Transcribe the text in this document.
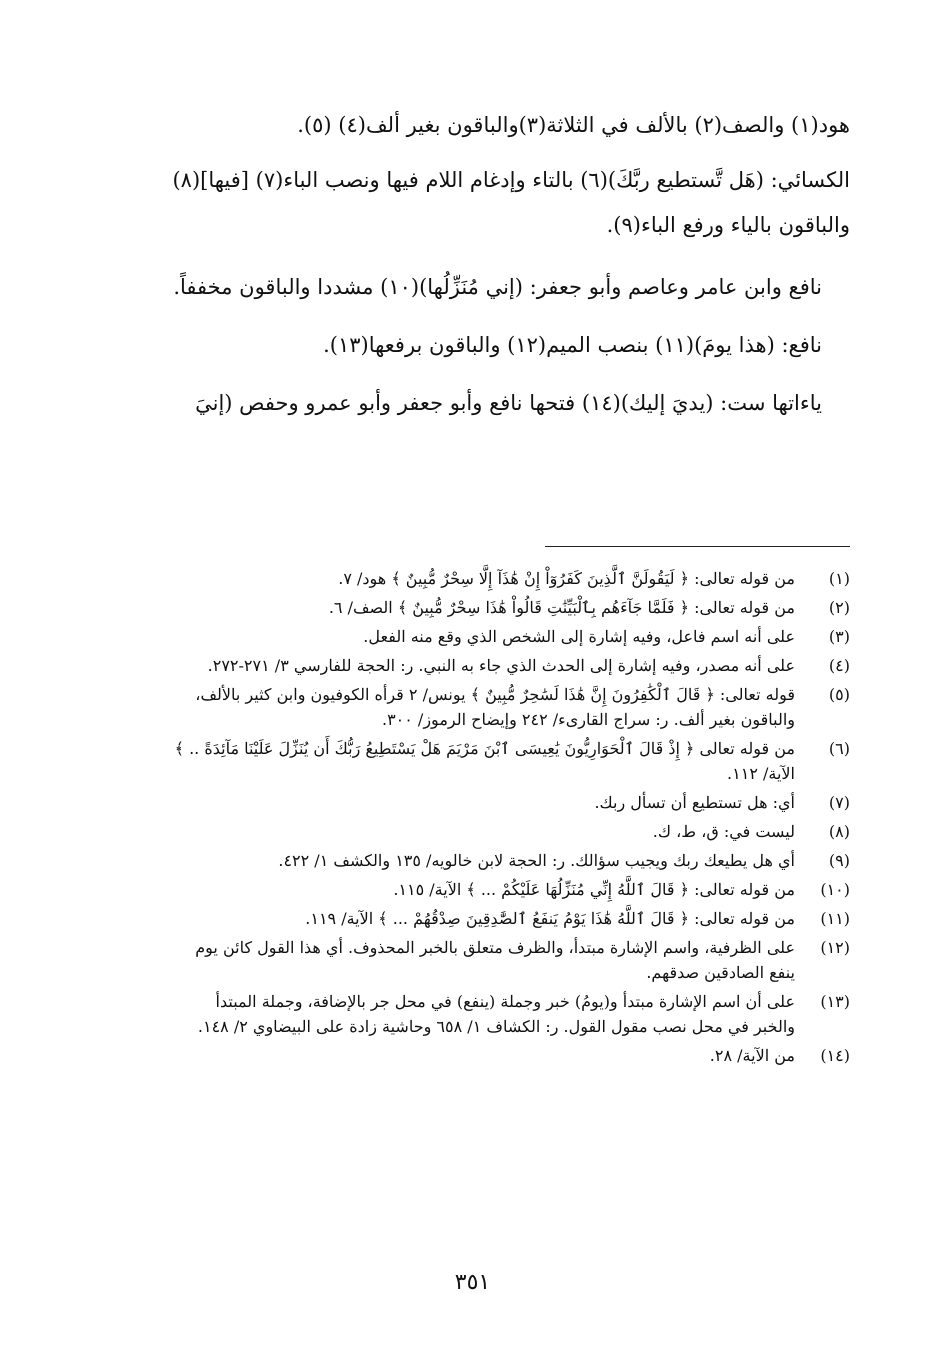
هود(١) والصف(٢) بالألف في الثلاثة(٣)والباقون بغير ألف(٤) (٥).

الكسائي: (هَل تَّستطيع ربَّكَ)(٦) بالتاء وإدغام اللام فيها ونصب الباء(٧) [فيها](٨)

والباقون بالياء ورفع الباء(٩).

نافع وابن عامر وعاصم وأبو جعفر: (إني مُنَزِّلُها)(١٠) مشددا والباقون مخففاً.

نافع: (هذا يومَ)(١١) بنصب الميم(١٢) والباقون برفعها(١٣).

ياءاتها ست: (يديَ إليك)(١٤) فتحها نافع وأبو جعفر وأبو عمرو وحفص (إنيَ

(١)
من قوله تعالى: ﴿ لَيَقُولَنَّ ٱلَّذِينَ كَفَرُوٓاْ إِنْ هَٰذَآ إِلَّا سِحْرٌ مُّبِينٌ ﴾ هود/ ٧.
(٢)
من قوله تعالى: ﴿ فَلَمَّا جَآءَهُم بِٱلْبَيِّنَٰتِ قَالُواْ هَٰذَا سِحْرٌ مُّبِينٌ ﴾ الصف/ ٦.
(٣)
على أنه اسم فاعل، وفيه إشارة إلى الشخص الذي وقع منه الفعل.
(٤)
على أنه مصدر، وفيه إشارة إلى الحدث الذي جاء به النبي. ر: الحجة للفارسي ٣/ ٢٧١-٢٧٢.
(٥)
قوله تعالى: ﴿ قَالَ ٱلْكَٰفِرُونَ إِنَّ هَٰذَا لَسَٰحِرٌ مُّبِينٌ ﴾ يونس/ ٢ قرأه الكوفيون وابن كثير بالألف،
والباقون بغير ألف. ر: سراج القارىء/ ٢٤٢ وإيضاح الرموز/ ٣٠٠.
(٦)
من قوله تعالى ﴿ إِذْ قَالَ ٱلْحَوَارِيُّونَ يَٰعِيسَى ٱبْنَ مَرْيَمَ هَلْ يَسْتَطِيعُ رَبُّكَ أَن يُنَزِّلَ عَلَيْنَا مَآئِدَةً .. ﴾
الآية/ ١١٢.
(٧)
أي: هل تستطيع أن تسأل ربك.
(٨)
ليست في: ق، ط، ك.
(٩)
أي هل يطيعك ربك ويجيب سؤالك. ر: الحجة لابن خالويه/ ١٣٥ والكشف ١/ ٤٢٢.
(١٠)
من قوله تعالى: ﴿ قَالَ ٱللَّهُ إِنِّي مُنَزِّلُهَا عَلَيْكُمْ ... ﴾ الآية/ ١١٥.
(١١)
من قوله تعالى: ﴿ قَالَ ٱللَّهُ هَٰذَا يَوْمُ يَنفَعُ ٱلصَّٰدِقِينَ صِدْقُهُمْ ... ﴾ الآية/ ١١٩.
(١٢)
على الظرفية، واسم الإشارة مبتدأ، والظرف متعلق بالخبر المحذوف. أي هذا القول كائن يوم
ينفع الصادقين صدقهم.
(١٣)
على أن اسم الإشارة مبتدأ و(يومُ) خبر وجملة (ينفع) في محل جر بالإضافة، وجملة المبتدأ
والخبر في محل نصب مقول القول. ر: الكشاف ١/ ٦٥٨ وحاشية زادة على البيضاوي ٢/ ١٤٨.
(١٤)
من الآية/ ٢٨.
٣٥١
